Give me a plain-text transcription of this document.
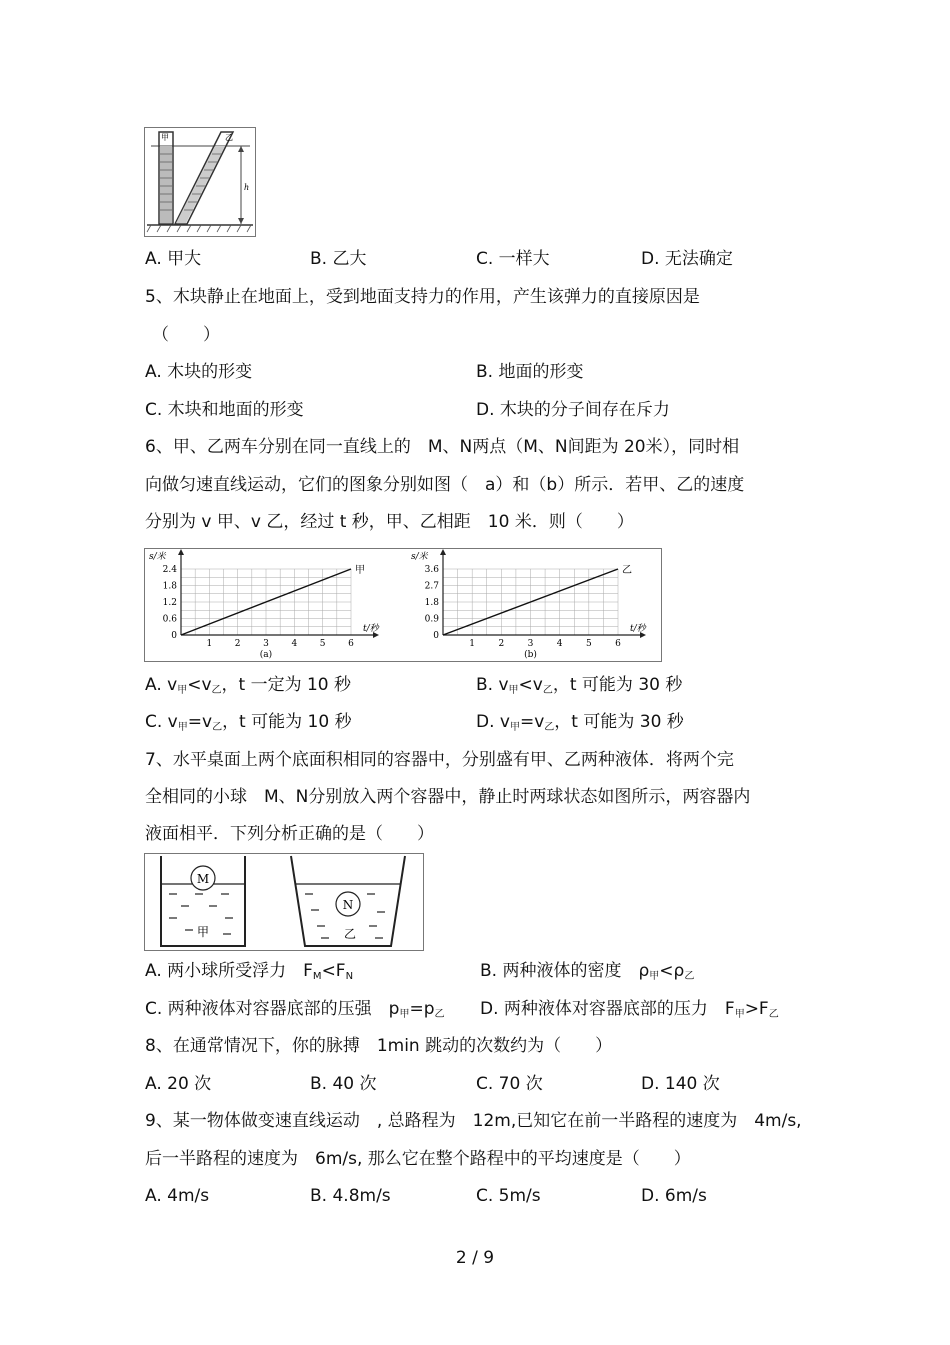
甲	乙
h
A. 甲大	B. 乙大	C. 一样大	D. 无法确定
5、木块静止在地面上，受到地面支持力的作用，产生该弹力的直接原因是
（　　）
A. 木块的形变	B. 地面的形变
C. 木块和地面的形变	D. 木块的分子间存在斥力
6、甲、乙两车分别在同一直线上的　M、N两点（M、N间距为 20米），同时相
向做匀速直线运动，它们的图象分别如图（　a）和（b）所示．若甲、乙的速度
分别为 v 甲、v 乙，经过 t 秒，甲、乙相距　10 米．则（　　）
2.4
1.8
1.2
0.6
0
1	2	3	4	5	6
甲
s/米
t/秒
(a)
3.6
2.7
1.8
0.9
0
1	2	3	4	5	6
乙
s/米
t/秒
(b)
A. v甲<v乙，t 一定为 10 秒	B. v甲<v乙，t 可能为 30 秒
C. v甲=v乙，t 可能为 10 秒	D. v甲=v乙，t 可能为 30 秒
7、水平桌面上两个底面积相同的容器中，分别盛有甲、乙两种液体．将两个完
全相同的小球　M、N分别放入两个容器中，静止时两球状态如图所示，两容器内
液面相平．下列分析正确的是（　　）
M
甲
N
乙
A. 两小球所受浮力　FM<FN	B. 两种液体的密度　ρ甲<ρ乙
C. 两种液体对容器底部的压强　p甲=p乙 D. 两种液体对容器底部的压力　F甲>F乙
8、在通常情况下，你的脉搏　1min 跳动的次数约为（　　）
A. 20 次	B. 40 次	C. 70 次	D. 140 次
9、某一物体做变速直线运动　, 总路程为　12m,已知它在前一半路程的速度为　4m/s,
后一半路程的速度为　6m/s, 那么它在整个路程中的平均速度是（　　）
A. 4m/s	B. 4.8m/s	C. 5m/s	D. 6m/s
2 / 9
